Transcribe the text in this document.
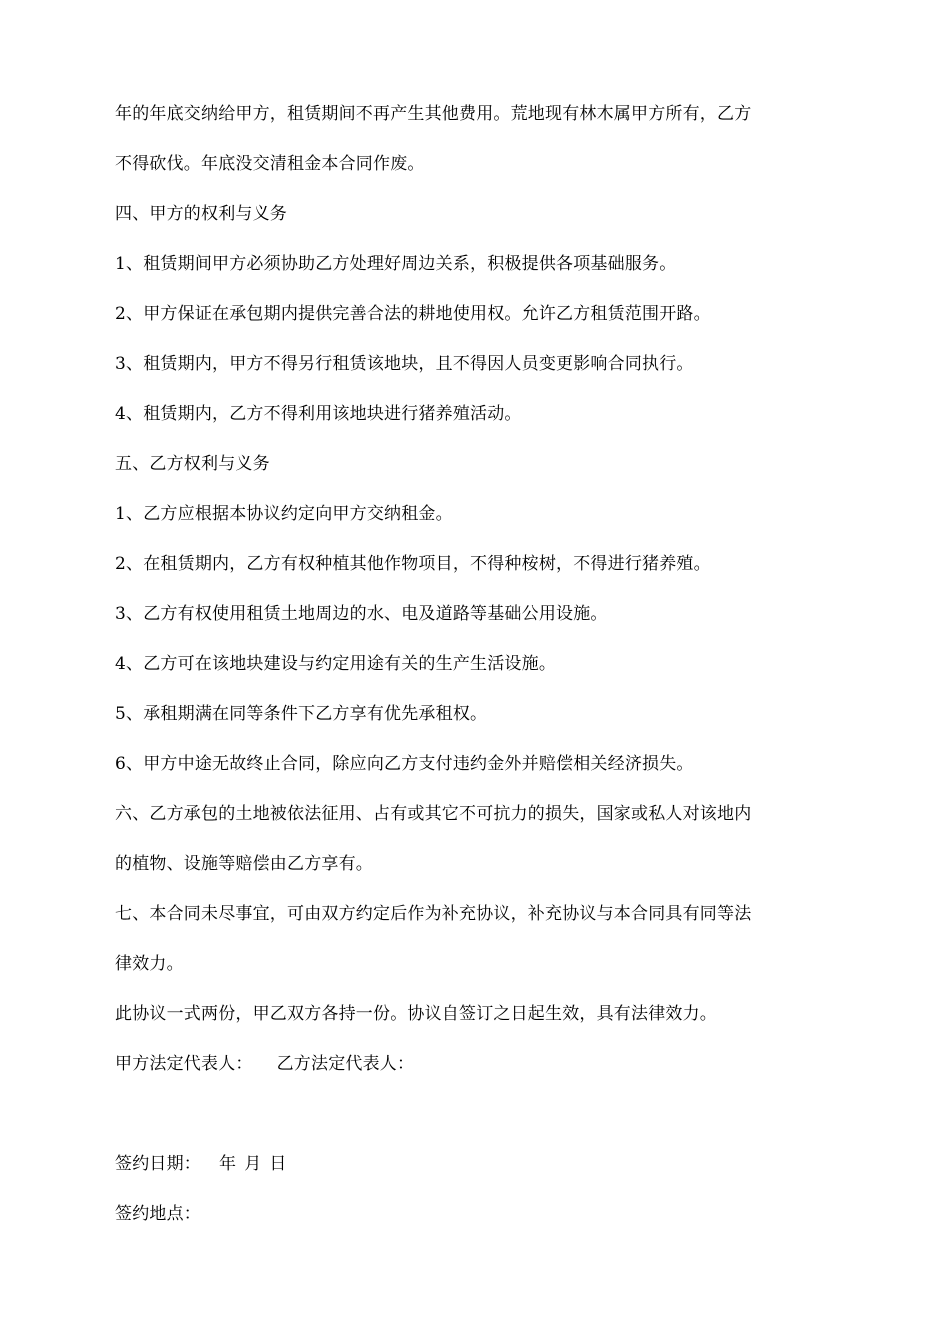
年的年底交纳给甲方，租赁期间不再产生其他费用。荒地现有林木属甲方所有，乙方
不得砍伐。年底没交清租金本合同作废。
四、甲方的权利与义务
1、租赁期间甲方必须协助乙方处理好周边关系，积极提供各项基础服务。
2、甲方保证在承包期内提供完善合法的耕地使用权。允许乙方租赁范围开路。
3、租赁期内，甲方不得另行租赁该地块，且不得因人员变更影响合同执行。
4、租赁期内，乙方不得利用该地块进行猪养殖活动。
五、乙方权利与义务
1、乙方应根据本协议约定向甲方交纳租金。
2、在租赁期内，乙方有权种植其他作物项目，不得种桉树，不得进行猪养殖。
3、乙方有权使用租赁土地周边的水、电及道路等基础公用设施。
4、乙方可在该地块建设与约定用途有关的生产生活设施。
5、承租期满在同等条件下乙方享有优先承租权。
6、甲方中途无故终止合同，除应向乙方支付违约金外并赔偿相关经济损失。
六、乙方承包的土地被依法征用、占有或其它不可抗力的损失，国家或私人对该地内
的植物、设施等赔偿由乙方享有。
七、本合同未尽事宜，可由双方约定后作为补充协议，补充协议与本合同具有同等法
律效力。
此协议一式两份，甲乙双方各持一份。协议自签订之日起生效，具有法律效力。
甲方法定代表人： 乙方法定代表人：
签约日期： 年 月 日
签约地点：
